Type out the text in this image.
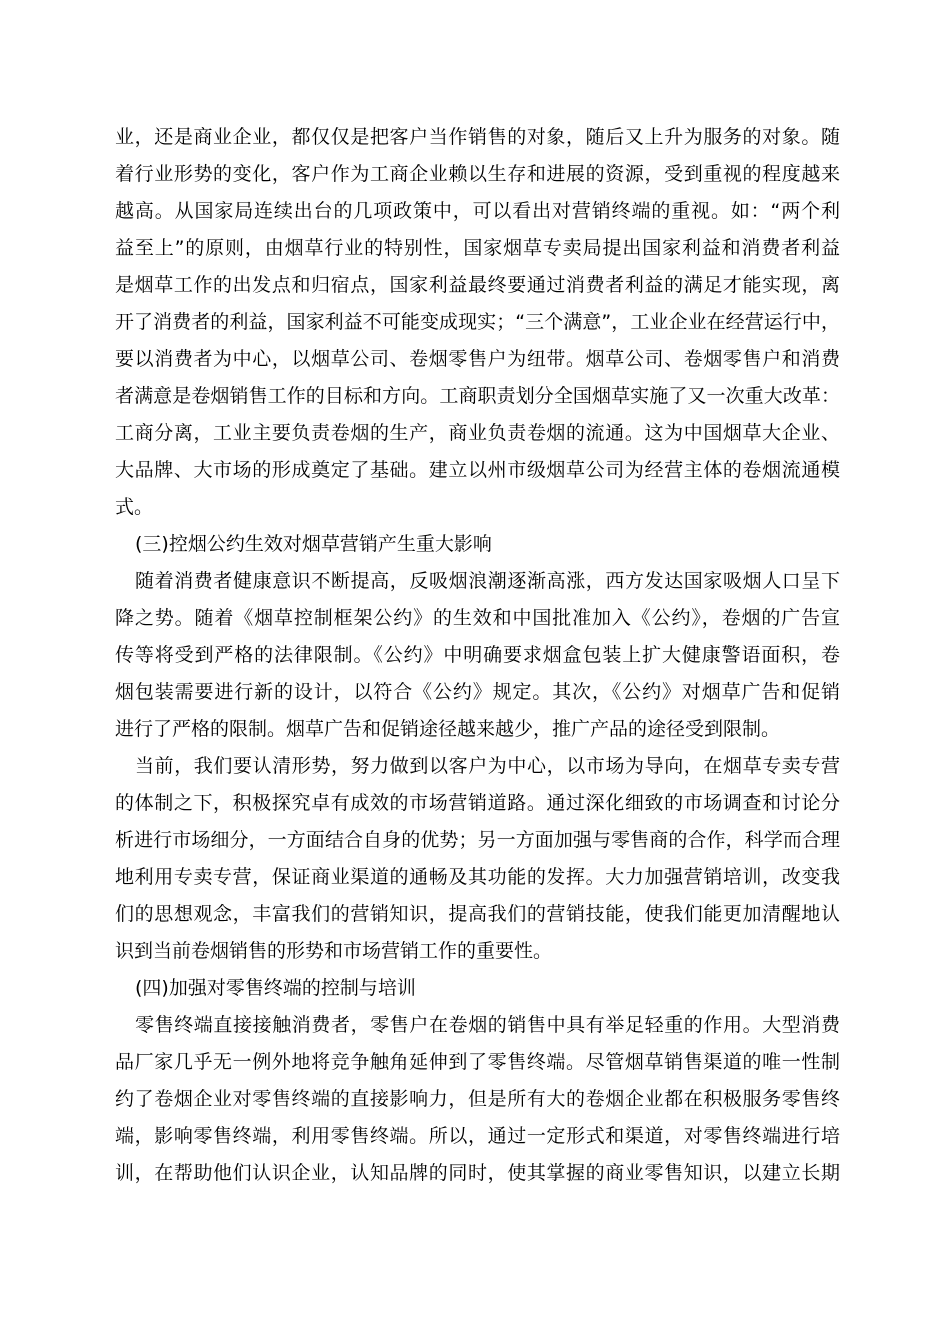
业，还是商业企业，都仅仅是把客户当作销售的对象，随后又上升为服务的对象。随
着行业形势的变化，客户作为工商企业赖以生存和进展的资源，受到重视的程度越来
越高。从国家局连续出台的几项政策中，可以看出对营销终端的重视。如：“两个利
益至上”的原则，由烟草行业的特别性，国家烟草专卖局提出国家利益和消费者利益
是烟草工作的出发点和归宿点，国家利益最终要通过消费者利益的满足才能实现，离
开了消费者的利益，国家利益不可能变成现实；“三个满意”，工业企业在经营运行中，
要以消费者为中心，以烟草公司、卷烟零售户为纽带。烟草公司、卷烟零售户和消费
者满意是卷烟销售工作的目标和方向。工商职责划分全国烟草实施了又一次重大改革：
工商分离，工业主要负责卷烟的生产，商业负责卷烟的流通。这为中国烟草大企业、
大品牌、大市场的形成奠定了基础。建立以州市级烟草公司为经营主体的卷烟流通模
式。
(三)控烟公约生效对烟草营销产生重大影响
随着消费者健康意识不断提高，反吸烟浪潮逐渐高涨，西方发达国家吸烟人口呈下
降之势。随着《烟草控制框架公约》的生效和中国批准加入《公约》，卷烟的广告宣
传等将受到严格的法律限制。《公约》中明确要求烟盒包装上扩大健康警语面积，卷
烟包装需要进行新的设计，以符合《公约》规定。其次，《公约》对烟草广告和促销
进行了严格的限制。烟草广告和促销途径越来越少，推广产品的途径受到限制。
当前，我们要认清形势，努力做到以客户为中心，以市场为导向，在烟草专卖专营
的体制之下，积极探究卓有成效的市场营销道路。通过深化细致的市场调查和讨论分
析进行市场细分，一方面结合自身的优势；另一方面加强与零售商的合作，科学而合理
地利用专卖专营，保证商业渠道的通畅及其功能的发挥。大力加强营销培训，改变我
们的思想观念，丰富我们的营销知识，提高我们的营销技能，使我们能更加清醒地认
识到当前卷烟销售的形势和市场营销工作的重要性。
(四)加强对零售终端的控制与培训
零售终端直接接触消费者，零售户在卷烟的销售中具有举足轻重的作用。大型消费
品厂家几乎无一例外地将竞争触角延伸到了零售终端。尽管烟草销售渠道的唯一性制
约了卷烟企业对零售终端的直接影响力，但是所有大的卷烟企业都在积极服务零售终
端，影响零售终端，利用零售终端。所以，通过一定形式和渠道，对零售终端进行培
训，在帮助他们认识企业，认知品牌的同时，使其掌握的商业零售知识，以建立长期
